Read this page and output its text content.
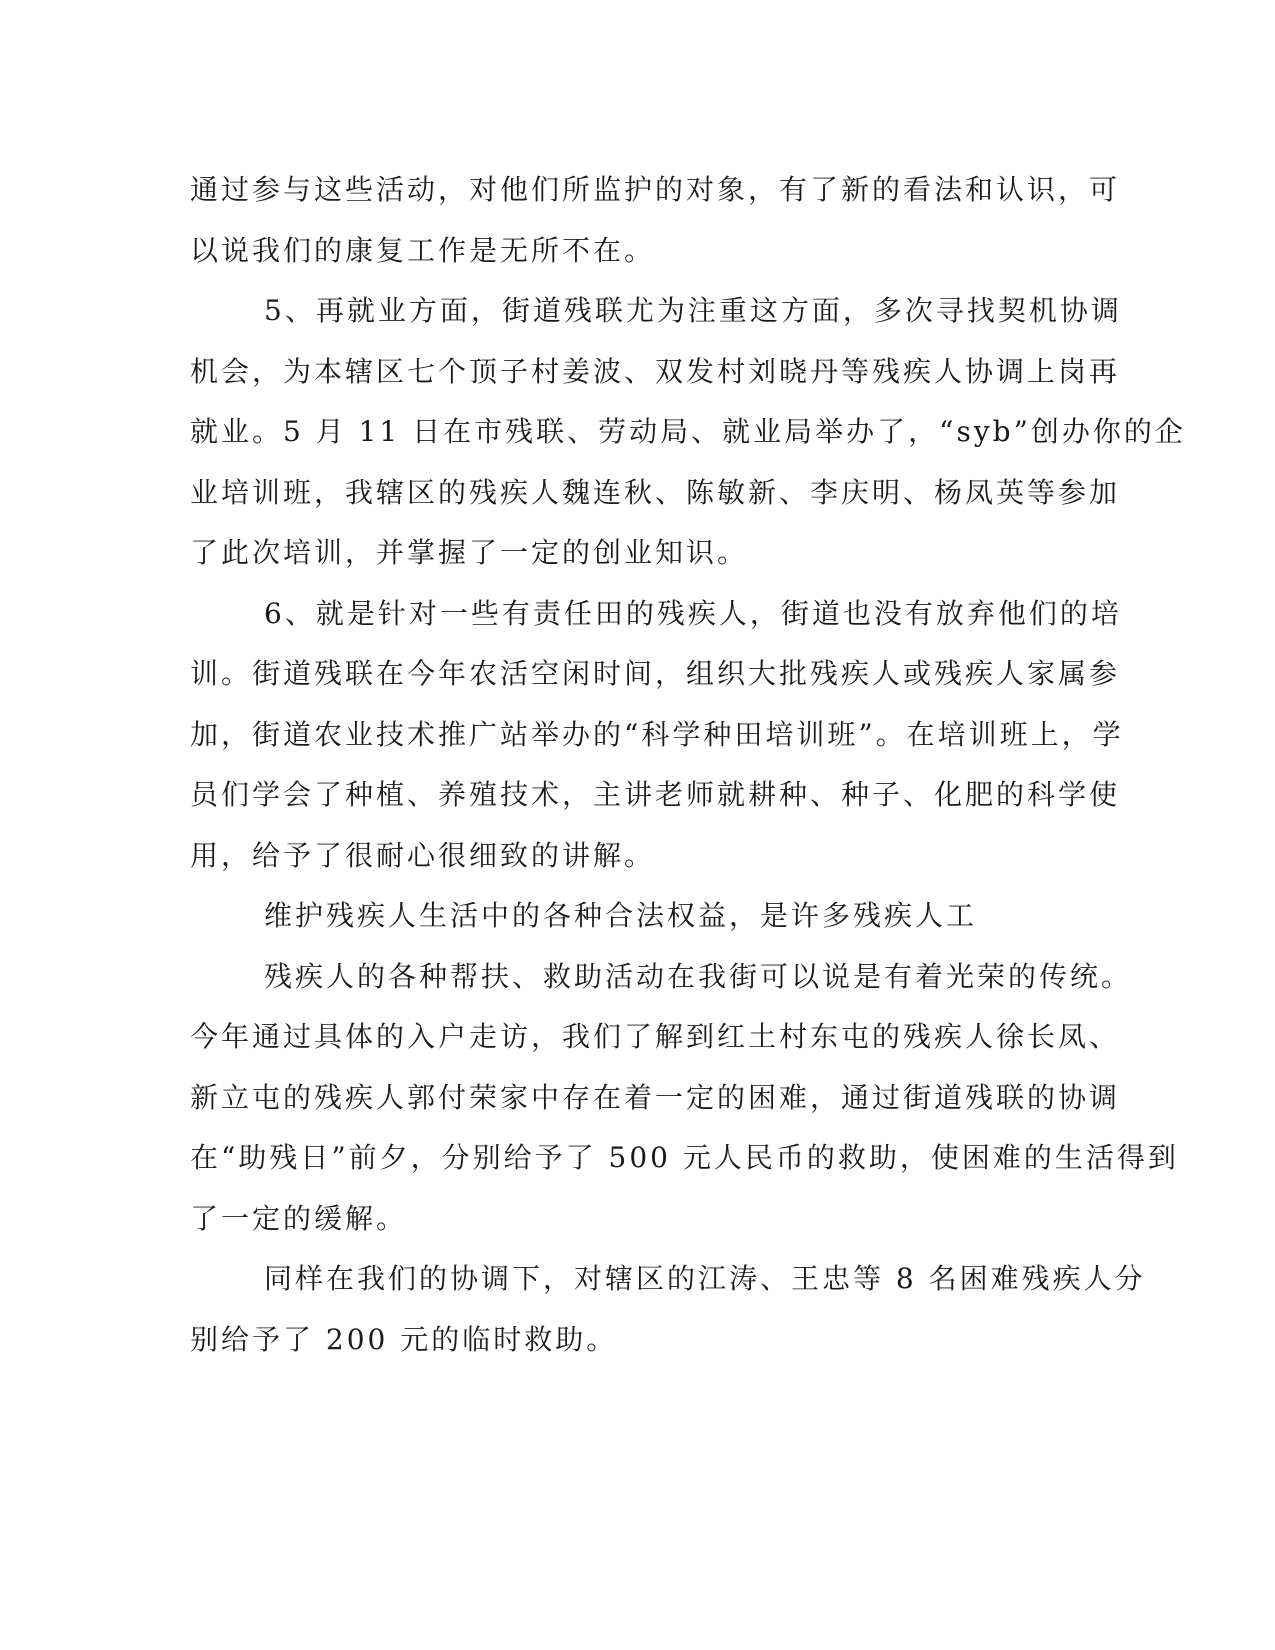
通过参与这些活动，对他们所监护的对象，有了新的看法和认识，可
以说我们的康复工作是无所不在。
5、再就业方面，街道残联尤为注重这方面，多次寻找契机协调
机会，为本辖区七个顶子村姜波、双发村刘晓丹等残疾人协调上岗再
就业。5 月 11 日在市残联、劳动局、就业局举办了，“syb”创办你的企
业培训班，我辖区的残疾人魏连秋、陈敏新、李庆明、杨凤英等参加
了此次培训，并掌握了一定的创业知识。
6、就是针对一些有责任田的残疾人，街道也没有放弃他们的培
训。街道残联在今年农活空闲时间，组织大批残疾人或残疾人家属参
加，街道农业技术推广站举办的“科学种田培训班”。在培训班上，学
员们学会了种植、养殖技术，主讲老师就耕种、种子、化肥的科学使
用，给予了很耐心很细致的讲解。
维护残疾人生活中的各种合法权益，是许多残疾人工
残疾人的各种帮扶、救助活动在我街可以说是有着光荣的传统。
今年通过具体的入户走访，我们了解到红土村东屯的残疾人徐长凤、
新立屯的残疾人郭付荣家中存在着一定的困难，通过街道残联的协调
在“助残日”前夕，分别给予了 500 元人民币的救助，使困难的生活得到
了一定的缓解。
同样在我们的协调下，对辖区的江涛、王忠等 8 名困难残疾人分
别给予了 200 元的临时救助。
